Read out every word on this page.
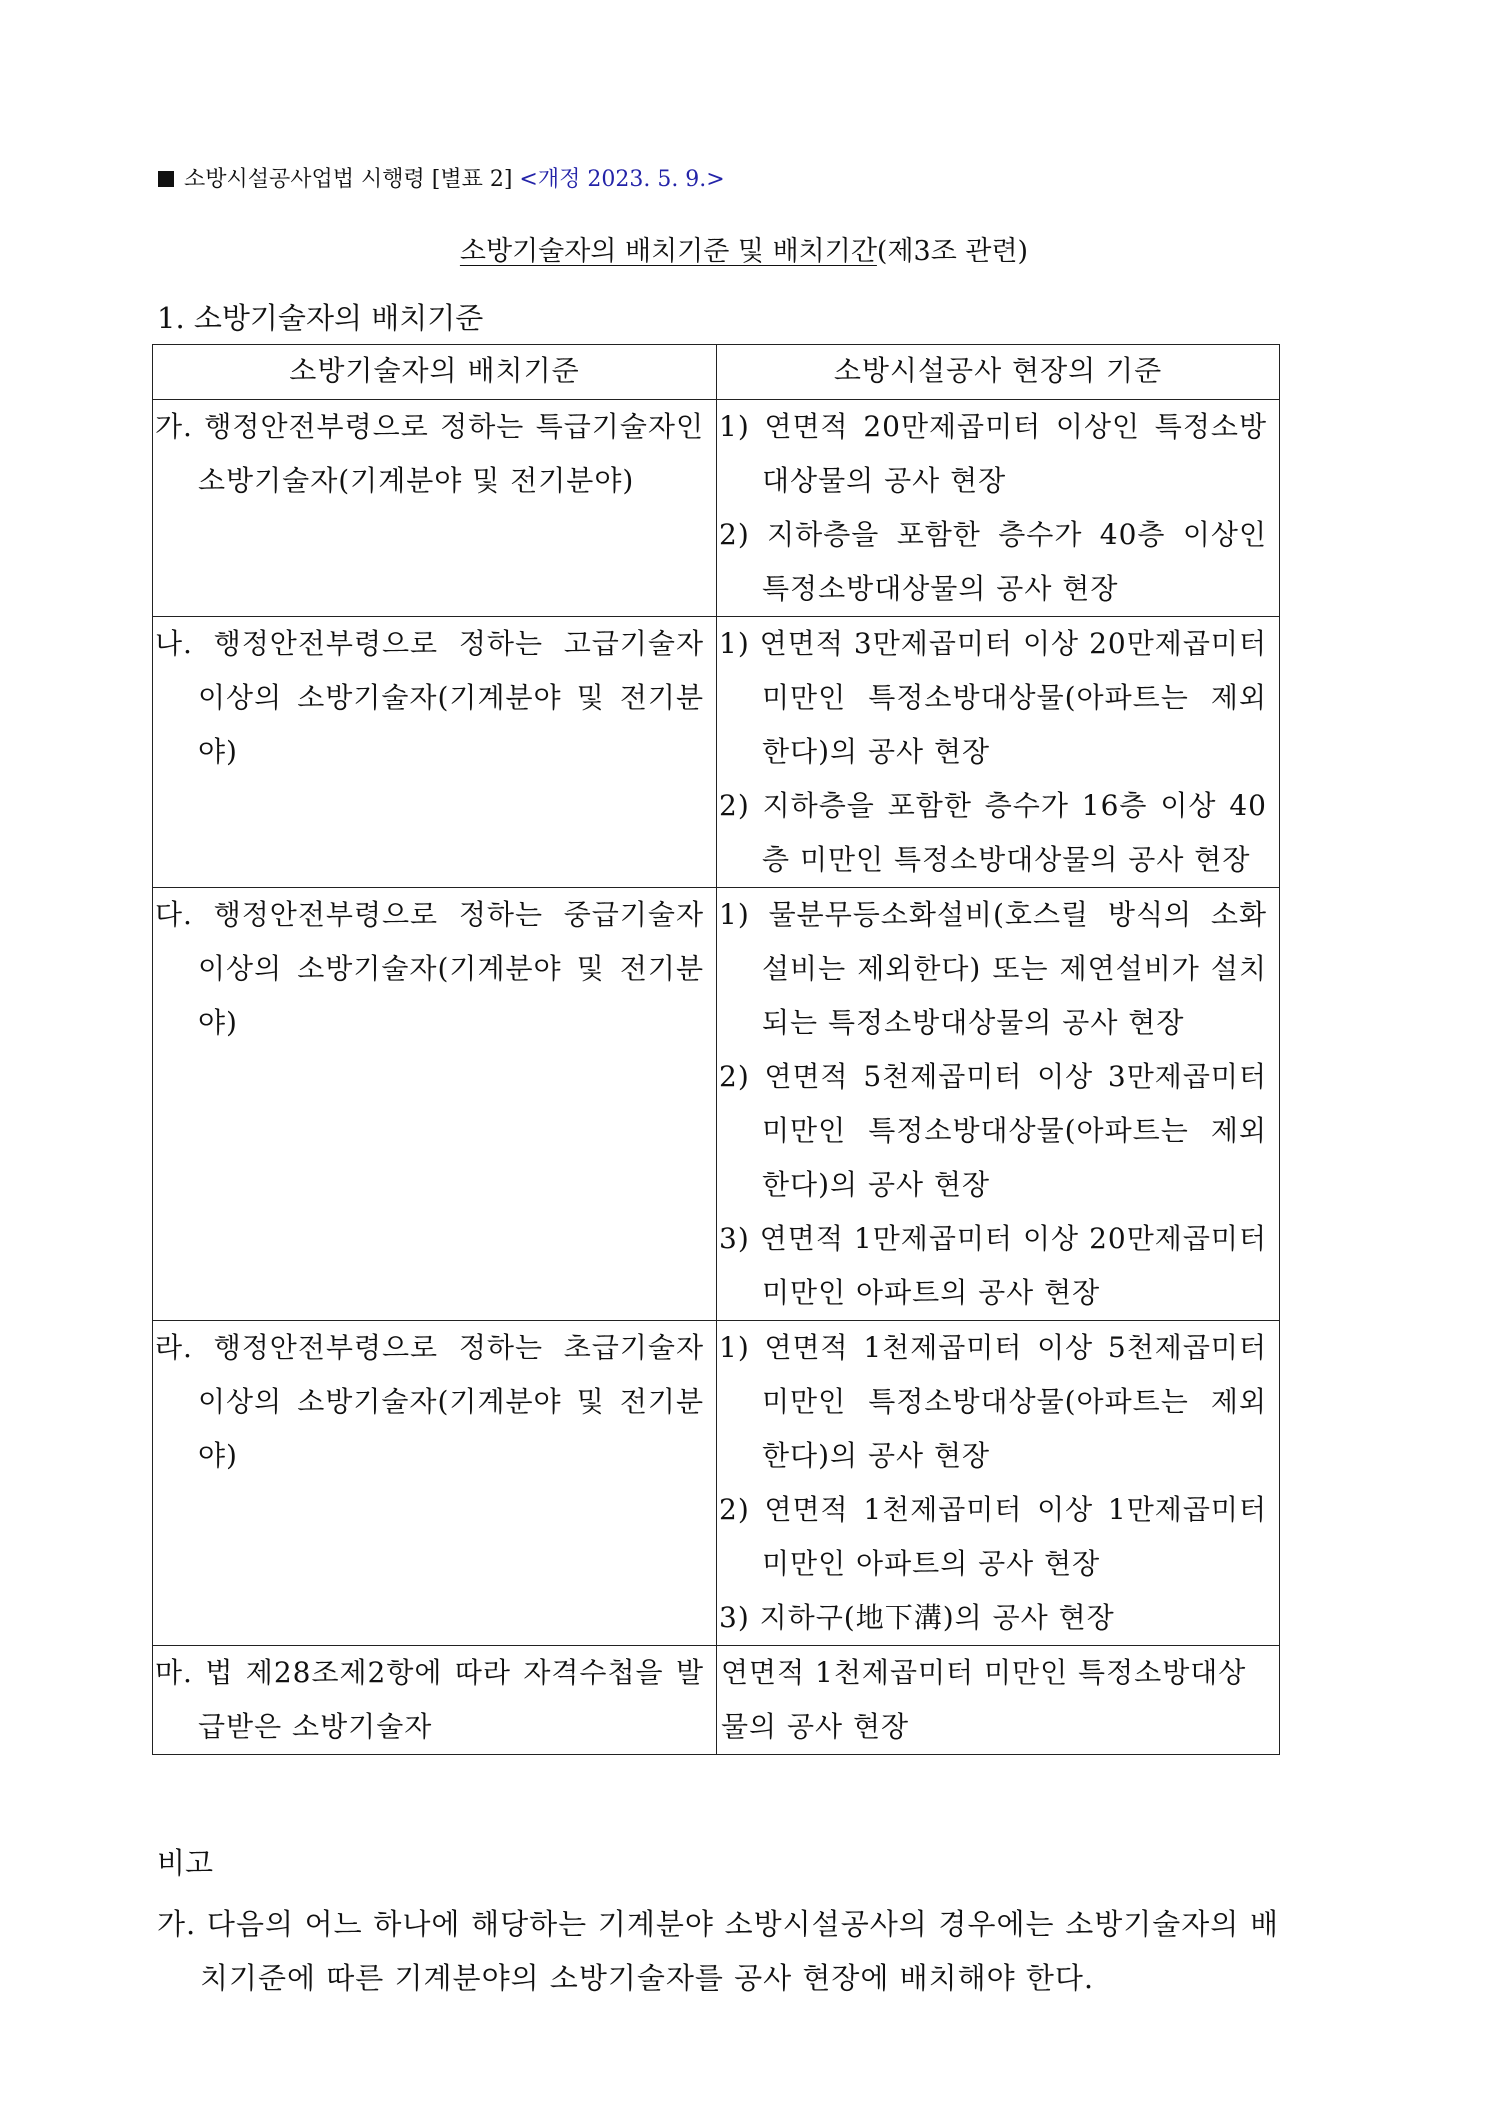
소방시설공사업법 시행령 [별표 2] <개정 2023. 5. 9.>
소방기술자의 배치기준 및 배치기간(제3조 관련)
1. 소방기술자의 배치기준
소방기술자의 배치기준	소방시설공사 현장의 기준

가. 행정안전부령으로 정하는 특급기술자인 소방기술자(기계분야 및 전기분야)	1) 연면적 20만제곱미터 이상인 특정소방대상물의 공사 현장

2) 지하층을 포함한 층수가 40층 이상인 특정소방대상물의 공사 현장

나. 행정안전부령으로 정하는 고급기술자 이상의 소방기술자(기계분야 및 전기분야)	1) 연면적 3만제곱미터 이상 20만제곱미터 미만인 특정소방대상물(아파트는 제외한다)의 공사 현장

2) 지하층을 포함한 층수가 16층 이상 40층 미만인 특정소방대상물의 공사 현장

다. 행정안전부령으로 정하는 중급기술자 이상의 소방기술자(기계분야 및 전기분야)	1) 물분무등소화설비(호스릴 방식의 소화설비는 제외한다) 또는 제연설비가 설치되는 특정소방대상물의 공사 현장

2) 연면적 5천제곱미터 이상 3만제곱미터 미만인 특정소방대상물(아파트는 제외한다)의 공사 현장

3) 연면적 1만제곱미터 이상 20만제곱미터 미만인 아파트의 공사 현장

라. 행정안전부령으로 정하는 초급기술자 이상의 소방기술자(기계분야 및 전기분야)	1) 연면적 1천제곱미터 이상 5천제곱미터 미만인 특정소방대상물(아파트는 제외한다)의 공사 현장

2) 연면적 1천제곱미터 이상 1만제곱미터 미만인 아파트의 공사 현장

3) 지하구(地下溝)의 공사 현장

마. 법 제28조제2항에 따라 자격수첩을 발급받은 소방기술자	연면적 1천제곱미터 미만인 특정소방대상물의 공사 현장

비고
가. 다음의 어느 하나에 해당하는 기계분야 소방시설공사의 경우에는 소방기술자의 배치기준에 따른 기계분야의 소방기술자를 공사 현장에 배치해야 한다.
